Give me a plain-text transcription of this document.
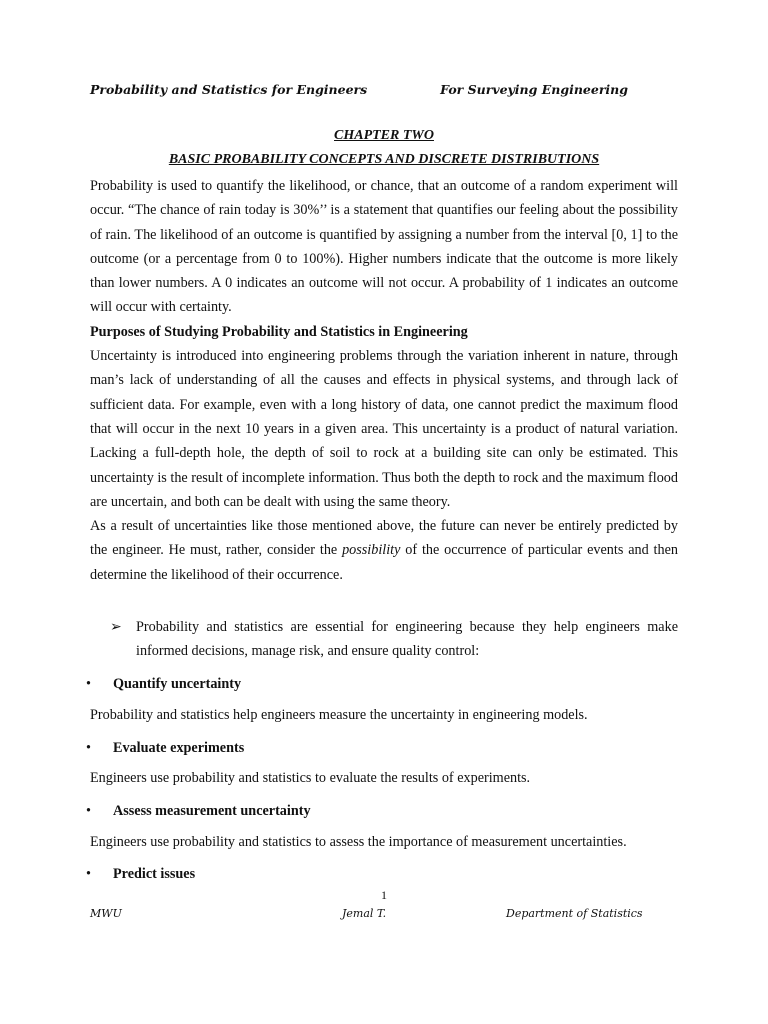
Probability and Statistics for Engineers	For Surveying Engineering
CHAPTER TWO
BASIC PROBABILITY CONCEPTS AND DISCRETE DISTRIBUTIONS

Probability is used to quantify the likelihood, or chance, that an outcome of a random experiment will occur. “The chance of rain today is 30%’’ is a statement that quantifies our feeling about the possibility of rain. The likelihood of an outcome is quantified by assigning a number from the interval [0, 1] to the outcome (or a percentage from 0 to 100%). Higher numbers indicate that the outcome is more likely than lower numbers. A 0 indicates an outcome will not occur. A probability of 1 indicates an outcome will occur with certainty.

Purposes of Studying Probability and Statistics in Engineering

Uncertainty is introduced into engineering problems through the variation inherent in nature, through man’s lack of understanding of all the causes and effects in physical systems, and through lack of sufficient data. For example, even with a long history of data, one cannot predict the maximum flood that will occur in the next 10 years in a given area. This uncertainty is a product of natural variation. Lacking a full-depth hole, the depth of soil to rock at a building site can only be estimated. This uncertainty is the result of incomplete information. Thus both the depth to rock and the maximum flood are uncertain, and both can be dealt with using the same theory.

As a result of uncertainties like those mentioned above, the future can never be entirely predicted by the engineer. He must, rather, consider the possibility of the occurrence of particular events and then determine the likelihood of their occurrence.

➢ Probability and statistics are essential for engineering because they help engineers make informed decisions, manage risk, and ensure quality control:
•	Quantify uncertainty
Probability and statistics help engineers measure the uncertainty in engineering models.
•	Evaluate experiments
Engineers use probability and statistics to evaluate the results of experiments.
•	Assess measurement uncertainty
Engineers use probability and statistics to assess the importance of measurement uncertainties.
•	Predict issues
1
MWU	Jemal T.	Department of Statistics
